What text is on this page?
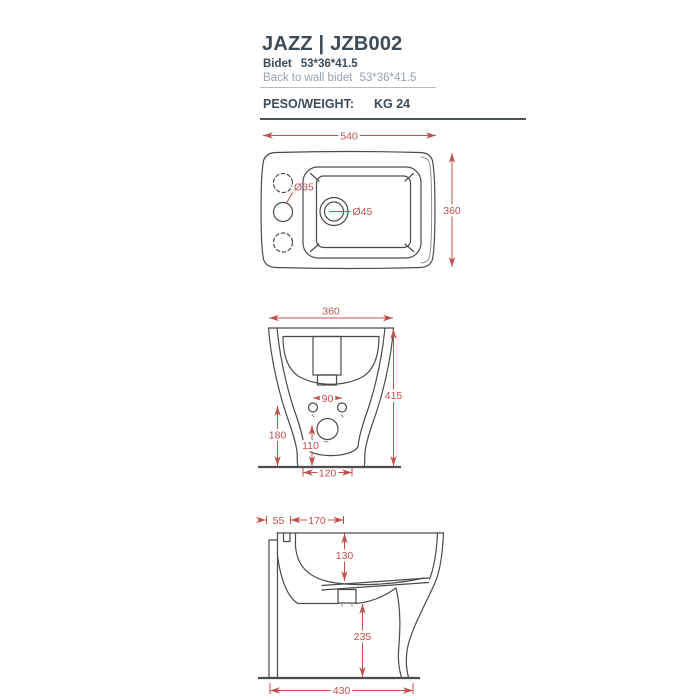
JAZZ | JZB002
Bidet 53*36*41.5
Back to wall bidet 53*36*41.5
PESO/WEIGHT: KG 24
540
Ø35
Ø45	360
360
90
180
110
120
415
55 170
130
235
430
